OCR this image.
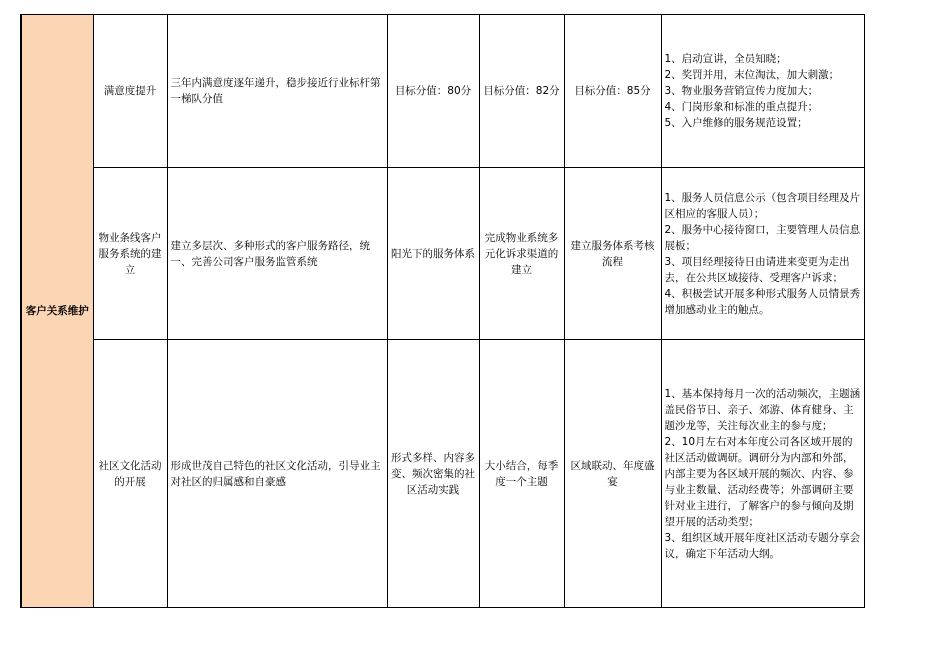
客户关系维护	满意度提升	三年内满意度逐年递升，稳步接近行业标杆第一梯队分值	目标分值：80分	目标分值：82分	目标分值：85分	1、启动宣讲，全员知晓；
2、奖罚并用，末位淘汰，加大刺激；
3、物业服务营销宣传力度加大；
4、门岗形象和标准的重点提升；
5、入户维修的服务规范设置；

	物业条线客户服务系统的建立	建立多层次、多种形式的客户服务路径，统一、完善公司客户服务监管系统	阳光下的服务体系	完成物业系统多元化诉求渠道的建立	建立服务体系考核流程	1、服务人员信息公示（包含项目经理及片区相应的客服人员）；
2、服务中心接待窗口，主要管理人员信息展板；
3、项目经理接待日由请进来变更为走出去，在公共区域接待、受理客户诉求；
4、积极尝试开展多种形式服务人员情景秀增加感动业主的触点。

	社区文化活动的开展	形成世茂自己特色的社区文化活动，引导业主对社区的归属感和自豪感	形式多样、内容多变、频次密集的社区活动实践	大小结合，每季度一个主题	区域联动、年度盛宴	1、基本保持每月一次的活动频次，主题涵盖民俗节日、亲子、郊游、体育健身、主题沙龙等，关注每次业主的参与度；
2、10月左右对本年度公司各区域开展的社区活动做调研。调研分为内部和外部，内部主要为各区域开展的频次、内容、参与业主数量、活动经费等；外部调研主要针对业主进行，了解客户的参与倾向及期望开展的活动类型；
3、组织区域开展年度社区活动专题分享会议，确定下年活动大纲。
